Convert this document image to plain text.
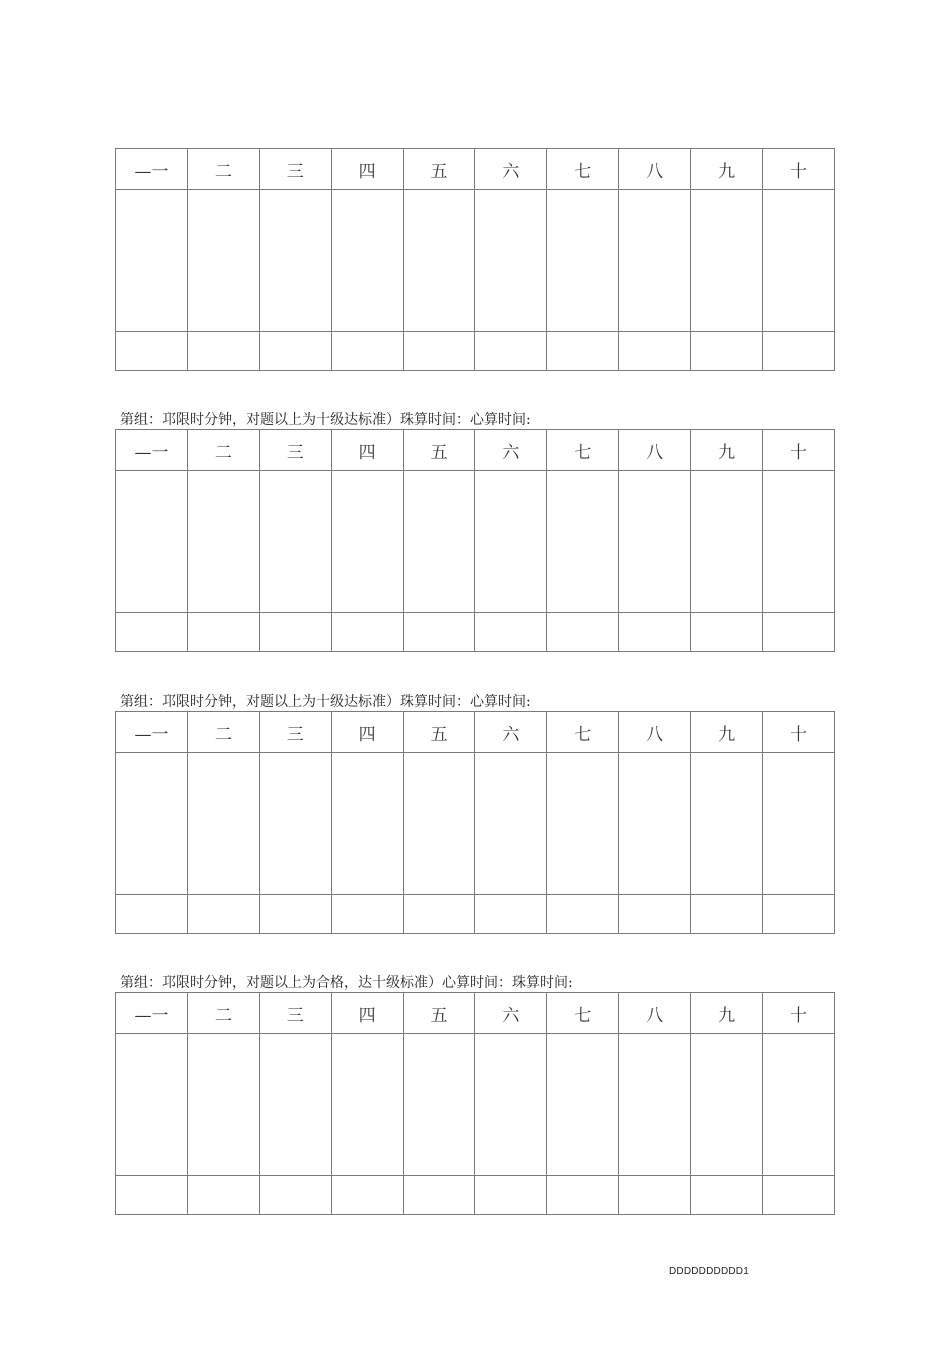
—一	二	三	四	五	六	七	八	九	十

第组：邛限时分钟，对题以上为十级达标准）珠算时间：心算时间:
—一	二	三	四	五	六	七	八	九	十

第组：邛限时分钟，对题以上为十级达标准）珠算时间：心算时间:
—一	二	三	四	五	六	七	八	九	十

第组：邛限时分钟，对题以上为合格，达十级标准）心算时间：珠算时间:
—一	二	三	四	五	六	七	八	九	十

DDDDDDDDDD1
